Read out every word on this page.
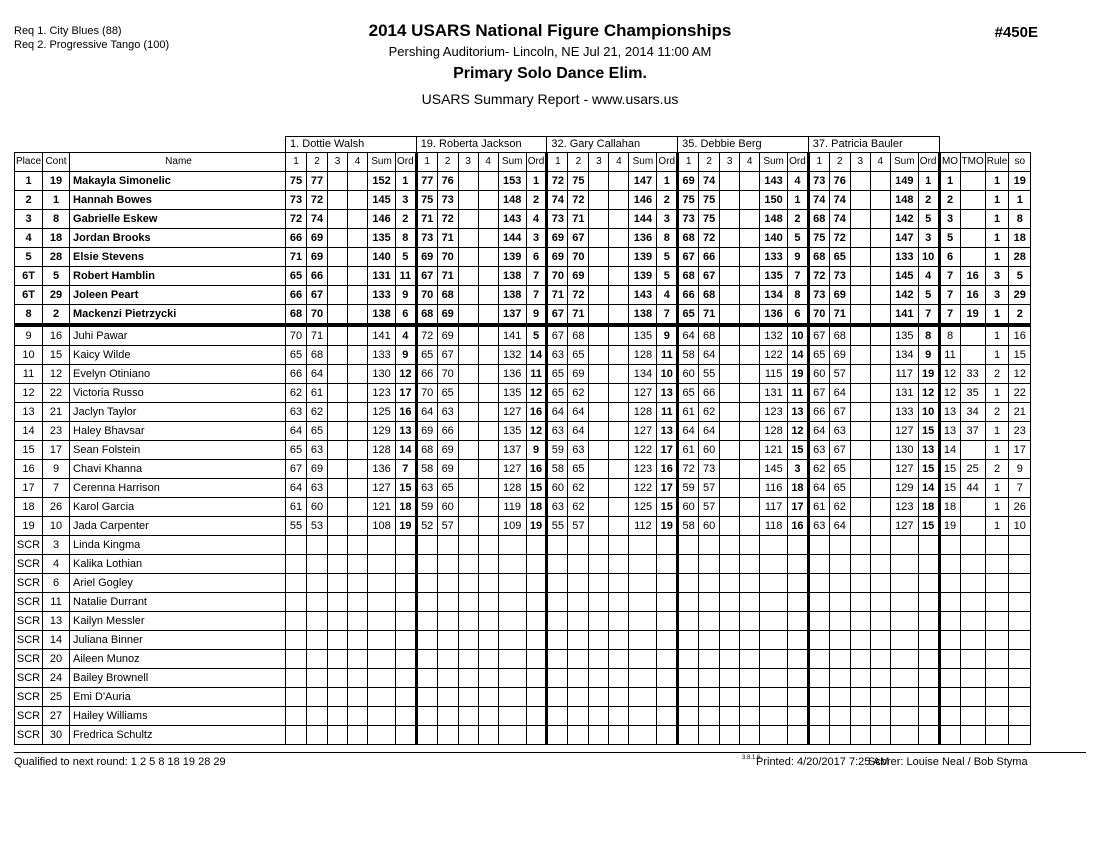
Req 1. City Blues (88)
Req 2. Progressive Tango (100)
#450E
2014 USARS National Figure Championships
Pershing Auditorium- Lincoln, NE Jul 21, 2014 11:00 AM
Primary Solo Dance Elim.
USARS Summary Report - www.usars.us
			1. Dottie Walsh						19. Roberta Jackson						32. Gary Callahan						35. Debbie Berg						37. Patricia Bauler									
Place	Cont	Name	1	2	3	4	Sum	Ord	1	2	3	4	Sum	Ord	1	2	3	4	Sum	Ord	1	2	3	4	Sum	Ord	1	2	3	4	Sum	Ord	MO	TMO	Rule	so
1	19	Makayla Simonelic	75	77			152	1	77	76			153	1	72	75			147	1	69	74			143	4	73	76			149	1	1		1	19
2	1	Hannah Bowes	73	72			145	3	75	73			148	2	74	72			146	2	75	75			150	1	74	74			148	2	2		1	1
3	8	Gabrielle Eskew	72	74			146	2	71	72			143	4	73	71			144	3	73	75			148	2	68	74			142	5	3		1	8
4	18	Jordan Brooks	66	69			135	8	73	71			144	3	69	67			136	8	68	72			140	5	75	72			147	3	5		1	18
5	28	Elsie Stevens	71	69			140	5	69	70			139	6	69	70			139	5	67	66			133	9	68	65			133	10	6		1	28
6T	5	Robert Hamblin	65	66			131	11	67	71			138	7	70	69			139	5	68	67			135	7	72	73			145	4	7	16	3	5
6T	29	Joleen Peart	66	67			133	9	70	68			138	7	71	72			143	4	66	68			134	8	73	69			142	5	7	16	3	29
8	2	Mackenzi Pietrzycki	68	70			138	6	68	69			137	9	67	71			138	7	65	71			136	6	70	71			141	7	7	19	1	2
9	16	Juhi Pawar	70	71			141	4	72	69			141	5	67	68			135	9	64	68			132	10	67	68			135	8	8		1	16
10	15	Kaicy Wilde	65	68			133	9	65	67			132	14	63	65			128	11	58	64			122	14	65	69			134	9	11		1	15
11	12	Evelyn Otiniano	66	64			130	12	66	70			136	11	65	69			134	10	60	55			115	19	60	57			117	19	12	33	2	12
12	22	Victoria Russo	62	61			123	17	70	65			135	12	65	62			127	13	65	66			131	11	67	64			131	12	12	35	1	22
13	21	Jaclyn Taylor	63	62			125	16	64	63			127	16	64	64			128	11	61	62			123	13	66	67			133	10	13	34	2	21
14	23	Haley Bhavsar	64	65			129	13	69	66			135	12	63	64			127	13	64	64			128	12	64	63			127	15	13	37	1	23
15	17	Sean Folstein	65	63			128	14	68	69			137	9	59	63			122	17	61	60			121	15	63	67			130	13	14		1	17
16	9	Chavi Khanna	67	69			136	7	58	69			127	16	58	65			123	16	72	73			145	3	62	65			127	15	15	25	2	9
17	7	Cerenna Harrison	64	63			127	15	63	65			128	15	60	62			122	17	59	57			116	18	64	65			129	14	15	44	1	7
18	26	Karol Garcia	61	60			121	18	59	60			119	18	63	62			125	15	60	57			117	17	61	62			123	18	18		1	26
19	10	Jada Carpenter	55	53			108	19	52	57			109	19	55	57			112	19	58	60			118	16	63	64			127	15	19		1	10
SCR	3	Linda Kingma																																		
SCR	4	Kalika Lothian																																		
SCR	6	Ariel Gogley																																		
SCR	11	Natalie Durrant																																		
SCR	13	Kailyn Messler																																		
SCR	14	Juliana Binner																																		
SCR	20	Aileen Munoz																																		
SCR	24	Bailey Brownell																																		
SCR	25	Emi D'Auria																																		
SCR	27	Hailey Williams																																		
SCR	30	Fredrica Schultz																																		
Qualified to next round: 1 2 5 8 18 19 28 29	3.8.1.6
Printed: 4/20/2017 7:25 AM
Scorer: Louise Neal / Bob Styma
